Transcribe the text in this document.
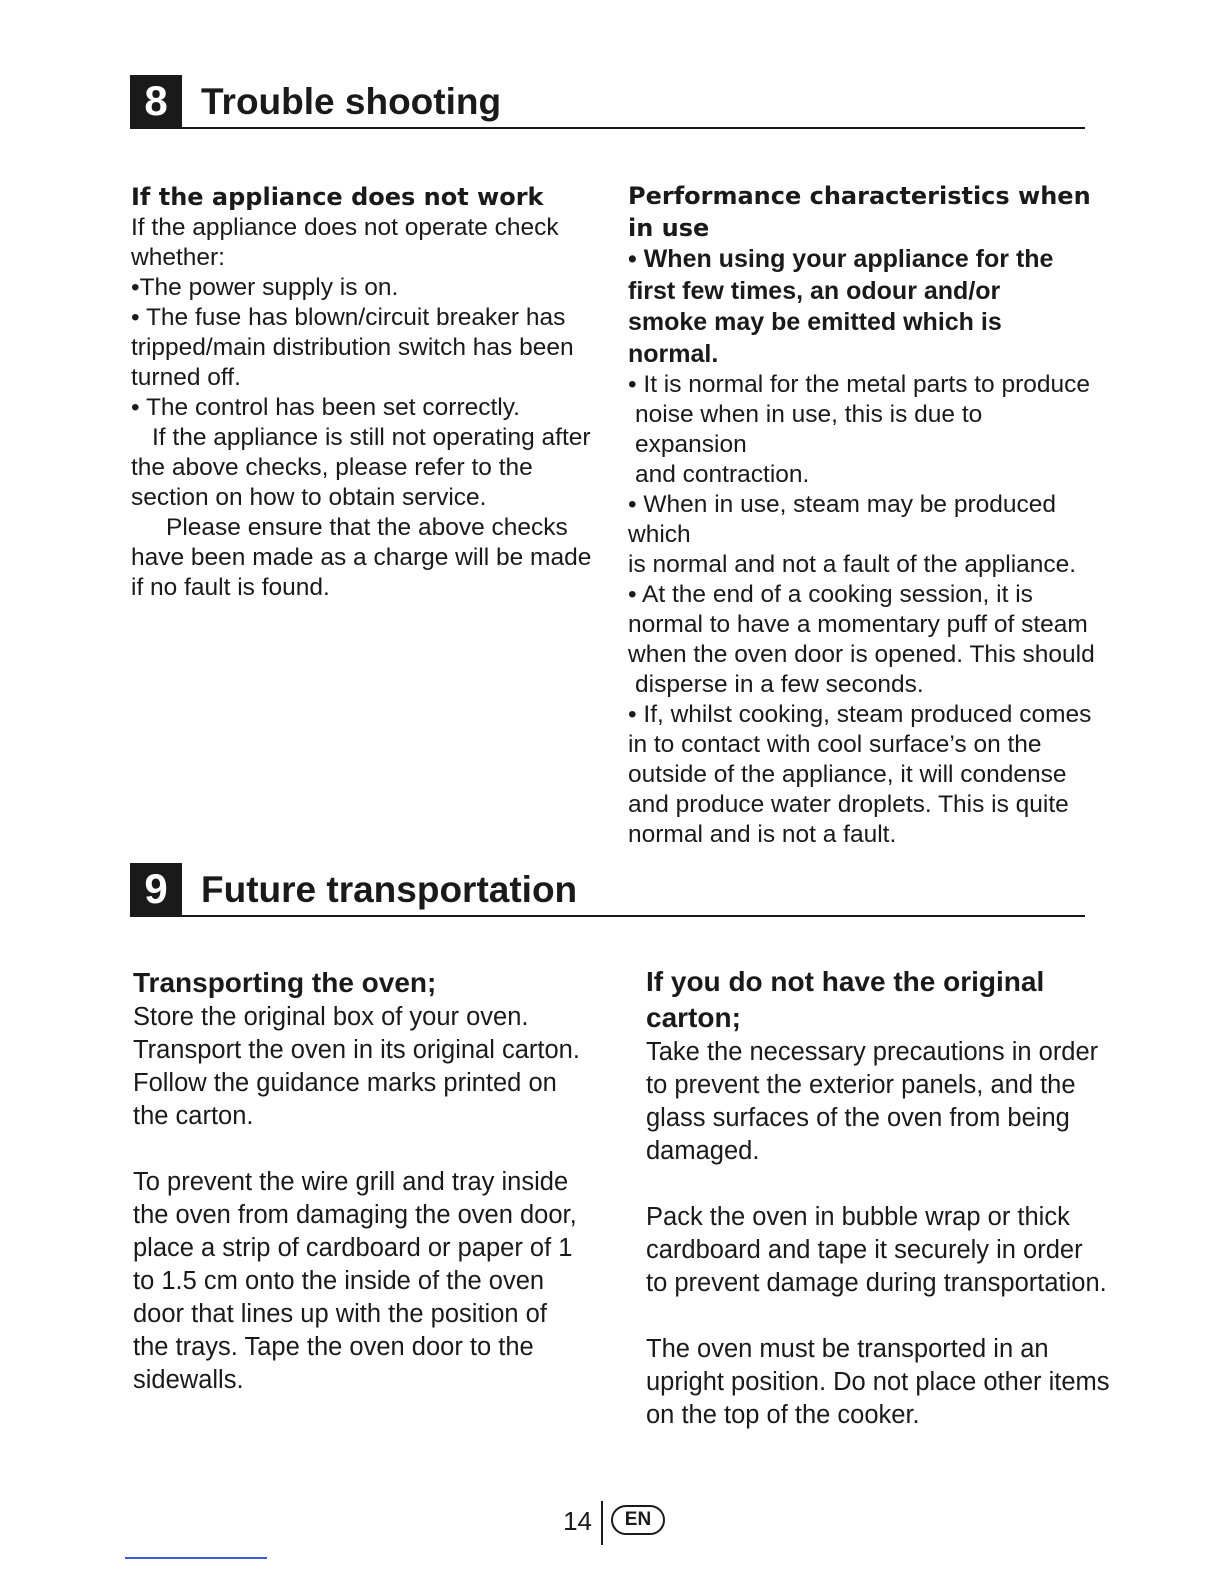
8 Trouble shooting
If the appliance does not work

If the appliance does not operate check

whether:

•The power supply is on.

• The fuse has blown/circuit breaker has

tripped/main distribution switch has been

turned off.

• The control has been set correctly.

If the appliance is still not operating after

the above checks, please refer to the

section on how to obtain service.

Please ensure that the above checks

have been made as a charge will be made

if no fault is found.

Performance characteristics when
in use

• When using your appliance for the

first few times, an odour and/or

smoke may be emitted which is

normal.

• It is normal for the metal parts to produce

noise when in use, this is due to expansion

and contraction.

• When in use, steam may be produced

which

is normal and not a fault of the appliance.

• At the end of a cooking session, it is

normal to have a momentary puff of steam

when the oven door is opened. This should

disperse in a few seconds.

• If, whilst cooking, steam produced comes

in to contact with cool surface’s on the

outside of the appliance, it will condense

and produce water droplets. This is quite

normal and is not a fault.

9 Future transportation
Transporting the oven;

Store the original box of your oven.

Transport the oven in its original carton.

Follow the guidance marks printed on

the carton.

To prevent the wire grill and tray inside

the oven from damaging the oven door,

place a strip of cardboard or paper of 1

to 1.5 cm onto the inside of the oven

door that lines up with the position of

the trays. Tape the oven door to the

sidewalls.

If you do not have the original
carton;

Take the necessary precautions in order

to prevent the exterior panels, and the

glass surfaces of the oven from being

damaged.

Pack the oven in bubble wrap or thick

cardboard and tape it securely in order

to prevent damage during transportation.

The oven must be transported in an

upright position. Do not place other items

on the top of the cooker.

14	EN
